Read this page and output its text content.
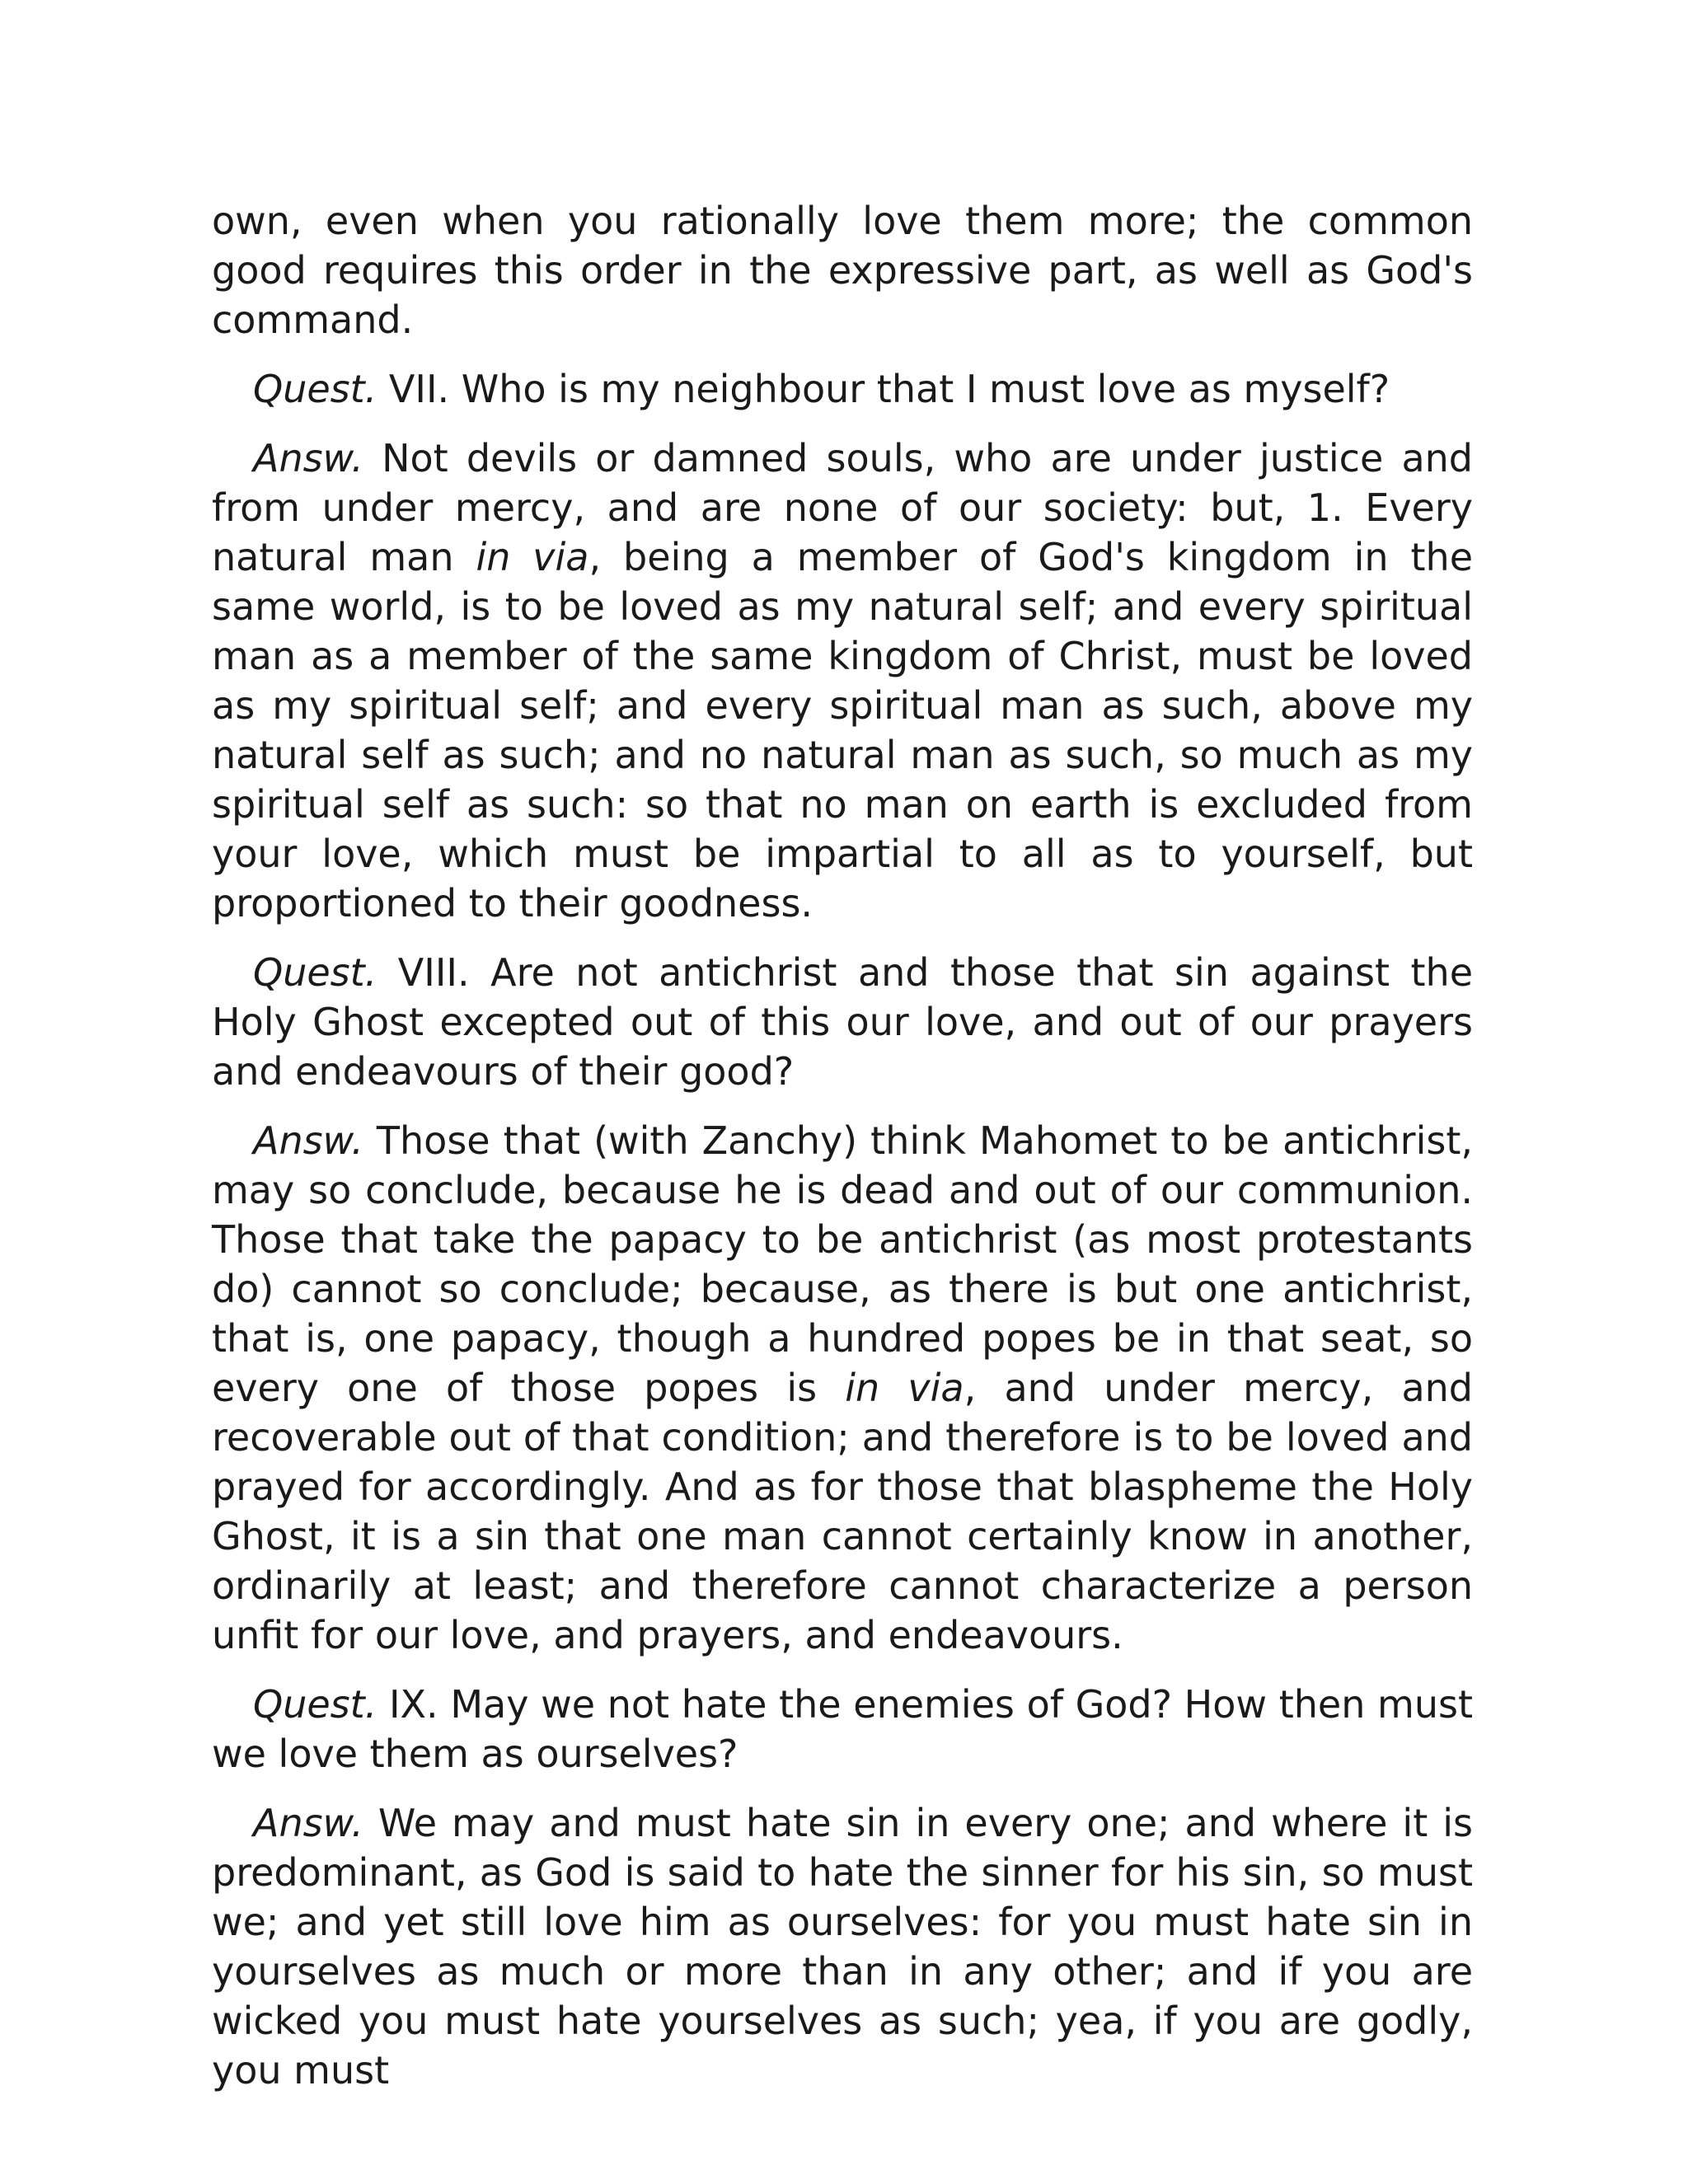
own, even when you rationally love them more; the common good requires this order in the expressive part, as well as God's command.

Quest. VII. Who is my neighbour that I must love as myself?

Answ. Not devils or damned souls, who are under justice and from under mercy, and are none of our society: but, 1. Every natural man in via, being a member of God's kingdom in the same world, is to be loved as my natural self; and every spiritual man as a member of the same kingdom of Christ, must be loved as my spiritual self; and every spiritual man as such, above my natural self as such; and no natural man as such, so much as my spiritual self as such: so that no man on earth is excluded from your love, which must be impartial to all as to yourself, but proportioned to their goodness.

Quest. VIII. Are not antichrist and those that sin against the Holy Ghost excepted out of this our love, and out of our prayers and endeavours of their good?

Answ. Those that (with Zanchy) think Mahomet to be antichrist, may so conclude, because he is dead and out of our communion. Those that take the papacy to be antichrist (as most protestants do) cannot so conclude; because, as there is but one antichrist, that is, one papacy, though a hundred popes be in that seat, so every one of those popes is in via, and under mercy, and recoverable out of that condition; and therefore is to be loved and prayed for accordingly. And as for those that blaspheme the Holy Ghost, it is a sin that one man cannot certainly know in another, ordinarily at least; and therefore cannot characterize a person unfit for our love, and prayers, and endeavours.

Quest. IX. May we not hate the enemies of God? How then must we love them as ourselves?

Answ. We may and must hate sin in every one; and where it is predominant, as God is said to hate the sinner for his sin, so must we; and yet still love him as ourselves: for you must hate sin in yourselves as much or more than in any other; and if you are wicked you must hate yourselves as such; yea, if you are godly, you must
